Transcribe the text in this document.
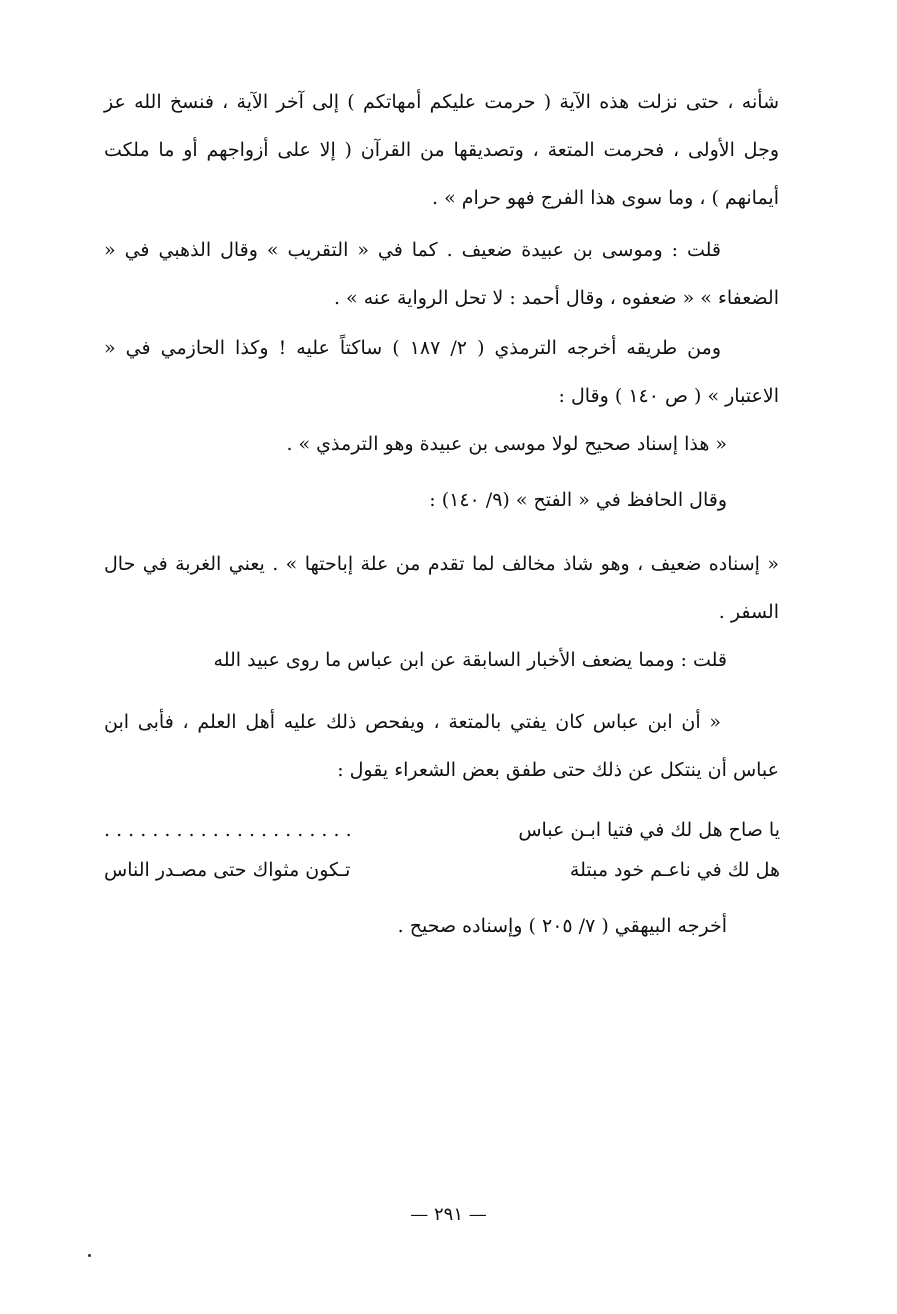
شأنه ، حتى نزلت هذه الآية ( حرمت عليكم أمهاتكم ) إلى آخر الآية ، فنسخ الله عز وجل الأولى ، فحرمت المتعة ، وتصديقها من القرآن ( إلا على أزواجهم أو ما ملكت أيمانهم ) ، وما سوى هذا الفرج فهو حرام » .
قلت : وموسى بن عبيدة ضعيف . كما في « التقريب » وقال الذهبي في « الضعفاء » « ضعفوه ، وقال أحمد : لا تحل الرواية عنه » .
ومن طريقه أخرجه الترمذي ( ٢/ ١٨٧ ) ساكتاً عليه ! وكذا الحازمي في « الاعتبار » ( ص ١٤٠ ) وقال :
« هذا إسناد صحيح لولا موسى بن عبيدة وهو الترمذي » .
وقال الحافظ في « الفتح » (٩/ ١٤٠) :
« إسناده ضعيف ، وهو شاذ مخالف لما تقدم من علة إباحتها » . يعني الغربة في حال السفر .
قلت : ومما يضعف الأخبار السابقة عن ابن عباس ما روى عبيد الله
« أن ابن عباس كان يفتي بالمتعة ، ويفحص ذلك عليه أهل العلم ، فأبى ابن عباس أن ينتكل عن ذلك حتى طفق بعض الشعراء يقول :
يا صاح هل لك في فتيا ابـن عباس
. . . . . . . . . . . . . . . . . . . . .
هل لك في ناعـم خود مبتلة
تـكون مثواك حتى مصـدر الناس
أخرجه البيهقي ( ٧/ ٢٠٥ ) وإسناده صحيح .
— ٢٩١ —
